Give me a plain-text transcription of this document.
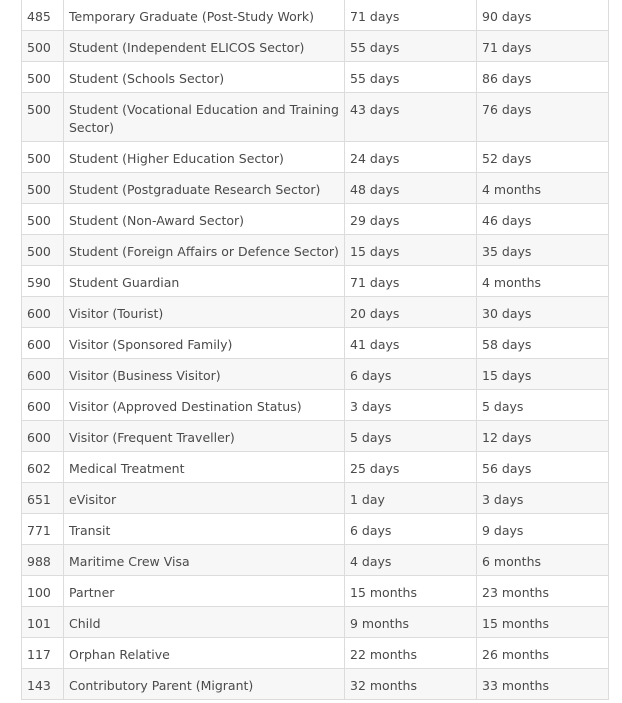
485	Temporary Graduate (Post-Study Work)	71 days	90 days
500	Student (Independent ELICOS Sector)	55 days	71 days
500	Student (Schools Sector)	55 days	86 days
500	Student (Vocational Education and Training Sector)	43 days	76 days
500	Student (Higher Education Sector)	24 days	52 days
500	Student (Postgraduate Research Sector)	48 days	4 months
500	Student (Non-Award Sector)	29 days	46 days
500	Student (Foreign Affairs or Defence Sector)	15 days	35 days
590	Student Guardian	71 days	4 months
600	Visitor (Tourist)	20 days	30 days
600	Visitor (Sponsored Family)	41 days	58 days
600	Visitor (Business Visitor)	6 days	15 days
600	Visitor (Approved Destination Status)	3 days	5 days
600	Visitor (Frequent Traveller)	5 days	12 days
602	Medical Treatment	25 days	56 days
651	eVisitor	1 day	3 days
771	Transit	6 days	9 days
988	Maritime Crew Visa	4 days	6 months
100	Partner	15 months	23 months
101	Child	9 months	15 months
117	Orphan Relative	22 months	26 months
143	Contributory Parent (Migrant)	32 months	33 months
